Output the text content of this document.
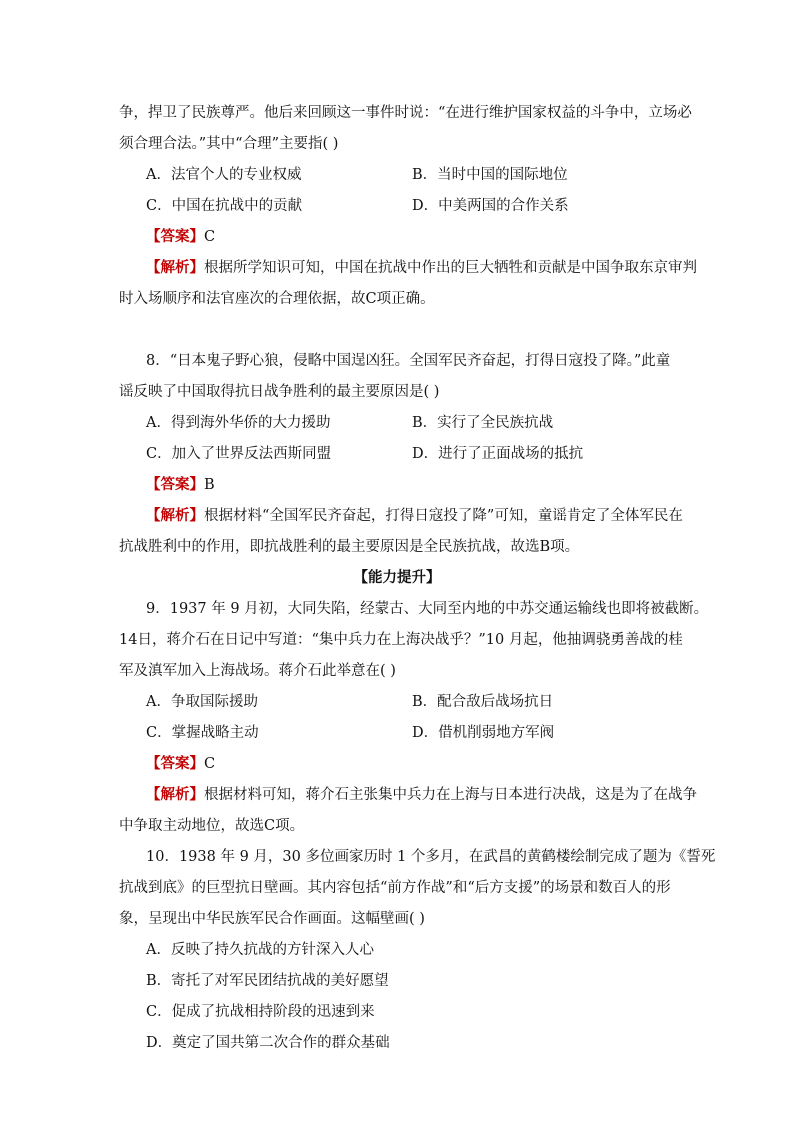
争，捍卫了民族尊严。他后来回顾这一事件时说：“在进行维护国家权益的斗争中，立场必
须合理合法。”其中“合理”主要指( )
A．法官个人的专业权威	B．当时中国的国际地位
C．中国在抗战中的贡献	D．中美两国的合作关系
【答案】C
【解析】根据所学知识可知，中国在抗战中作出的巨大牺牲和贡献是中国争取东京审判
时入场顺序和法官座次的合理依据，故C项正确。
8．“日本鬼子野心狼，侵略中国逞凶狂。全国军民齐奋起，打得日寇投了降。”此童
谣反映了中国取得抗日战争胜利的最主要原因是( )
A．得到海外华侨的大力援助	B．实行了全民族抗战
C．加入了世界反法西斯同盟	D．进行了正面战场的抵抗
【答案】B
【解析】根据材料“全国军民齐奋起，打得日寇投了降”可知，童谣肯定了全体军民在
抗战胜利中的作用，即抗战胜利的最主要原因是全民族抗战，故选B项。
【能力提升】
9．1937 年 9 月初，大同失陷，经蒙古、大同至内地的中苏交通运输线也即将被截断。
14日，蒋介石在日记中写道：“集中兵力在上海决战乎？”10 月起，他抽调骁勇善战的桂
军及滇军加入上海战场。蒋介石此举意在( )
A．争取国际援助	B．配合敌后战场抗日
C．掌握战略主动	D．借机削弱地方军阀
【答案】C
【解析】根据材料可知，蒋介石主张集中兵力在上海与日本进行决战，这是为了在战争
中争取主动地位，故选C项。
10．1938 年 9 月，30 多位画家历时 1 个多月，在武昌的黄鹤楼绘制完成了题为《誓死
抗战到底》的巨型抗日壁画。其内容包括“前方作战”和“后方支援”的场景和数百人的形
象，呈现出中华民族军民合作画面。这幅壁画( )
A．反映了持久抗战的方针深入人心
B．寄托了对军民团结抗战的美好愿望
C．促成了抗战相持阶段的迅速到来
D．奠定了国共第二次合作的群众基础
